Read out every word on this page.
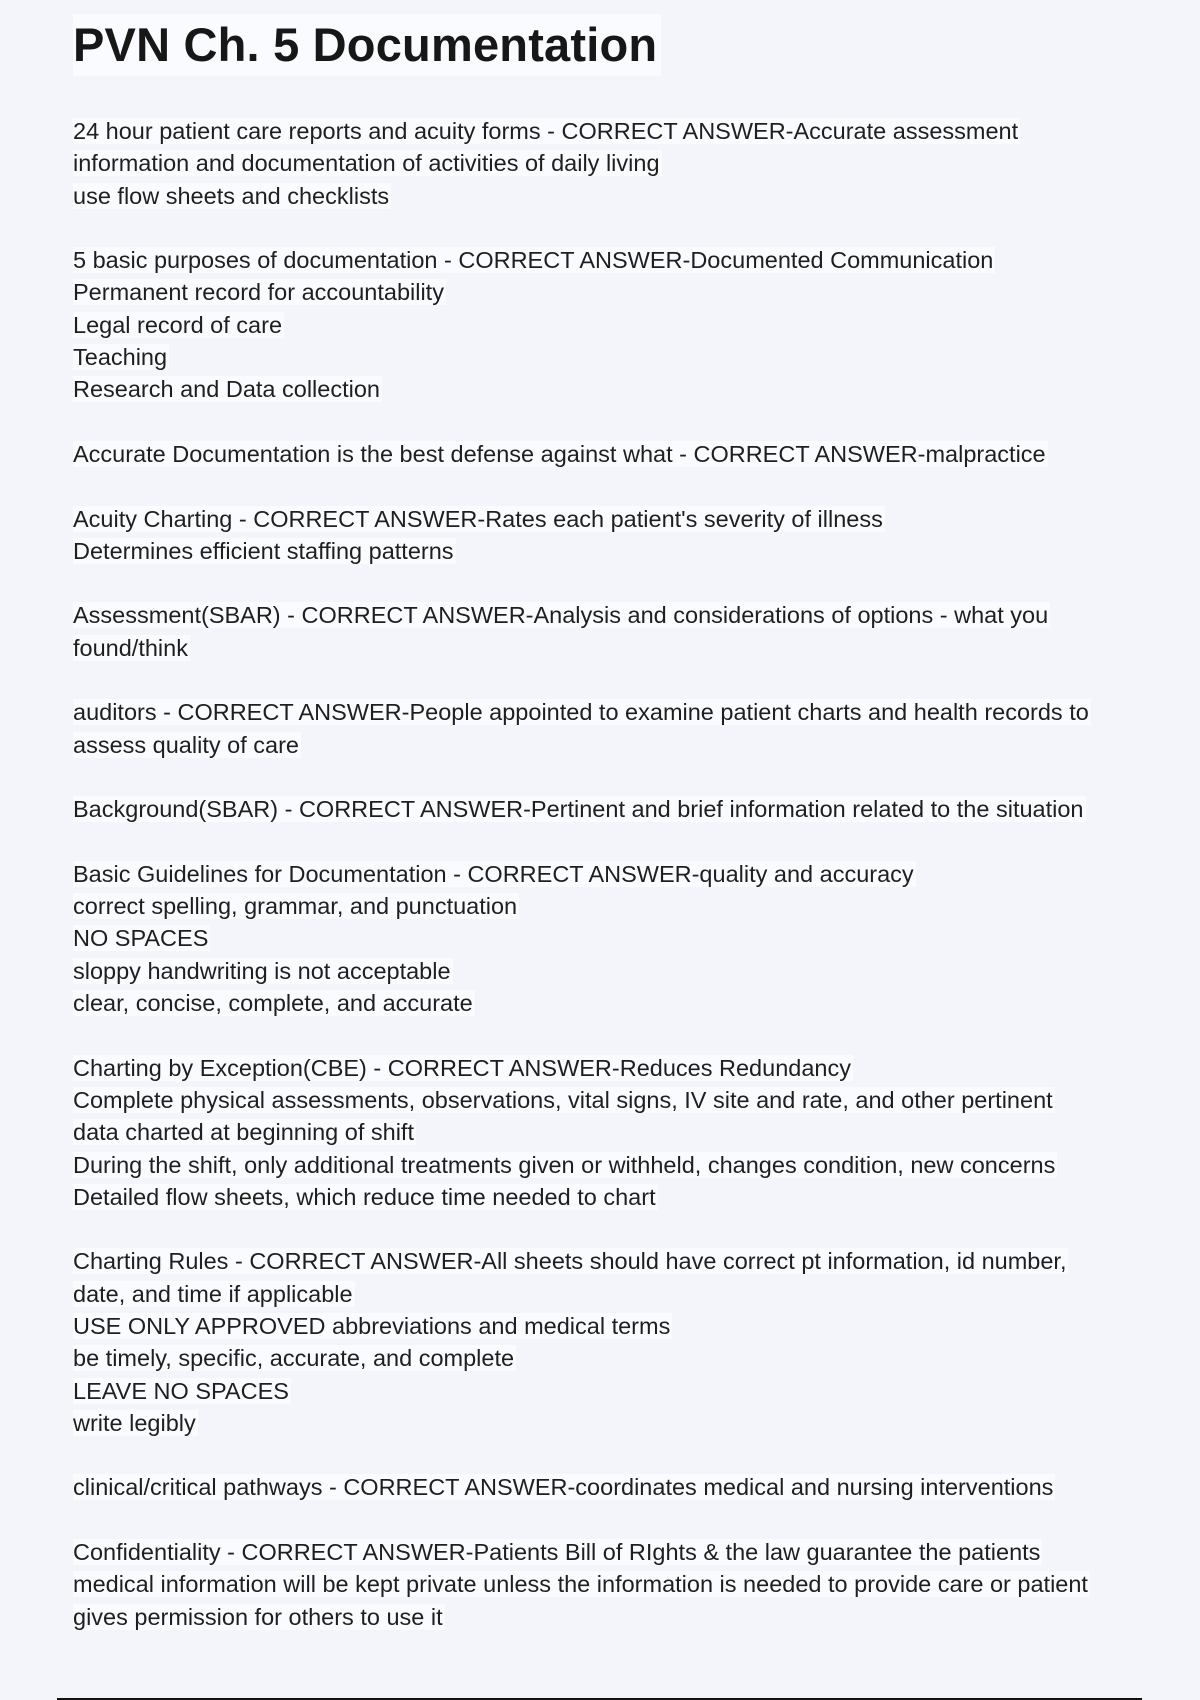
PVN Ch. 5 Documentation
24 hour patient care reports and acuity forms - CORRECT ANSWER-Accurate assessment
information and documentation of activities of daily living
use flow sheets and checklists
5 basic purposes of documentation - CORRECT ANSWER-Documented Communication
Permanent record for accountability
Legal record of care
Teaching
Research and Data collection
Accurate Documentation is the best defense against what - CORRECT ANSWER-malpractice
Acuity Charting - CORRECT ANSWER-Rates each patient's severity of illness
Determines efficient staffing patterns
Assessment(SBAR) - CORRECT ANSWER-Analysis and considerations of options - what you
found/think
auditors - CORRECT ANSWER-People appointed to examine patient charts and health records to
assess quality of care
Background(SBAR) - CORRECT ANSWER-Pertinent and brief information related to the situation
Basic Guidelines for Documentation - CORRECT ANSWER-quality and accuracy
correct spelling, grammar, and punctuation
NO SPACES
sloppy handwriting is not acceptable
clear, concise, complete, and accurate
Charting by Exception(CBE) - CORRECT ANSWER-Reduces Redundancy
Complete physical assessments, observations, vital signs, IV site and rate, and other pertinent
data charted at beginning of shift
During the shift, only additional treatments given or withheld, changes condition, new concerns
Detailed flow sheets, which reduce time needed to chart
Charting Rules - CORRECT ANSWER-All sheets should have correct pt information, id number,
date, and time if applicable
USE ONLY APPROVED abbreviations and medical terms
be timely, specific, accurate, and complete
LEAVE NO SPACES
write legibly
clinical/critical pathways - CORRECT ANSWER-coordinates medical and nursing interventions
Confidentiality - CORRECT ANSWER-Patients Bill of RIghts & the law guarantee the patients
medical information will be kept private unless the information is needed to provide care or patient
gives permission for others to use it
